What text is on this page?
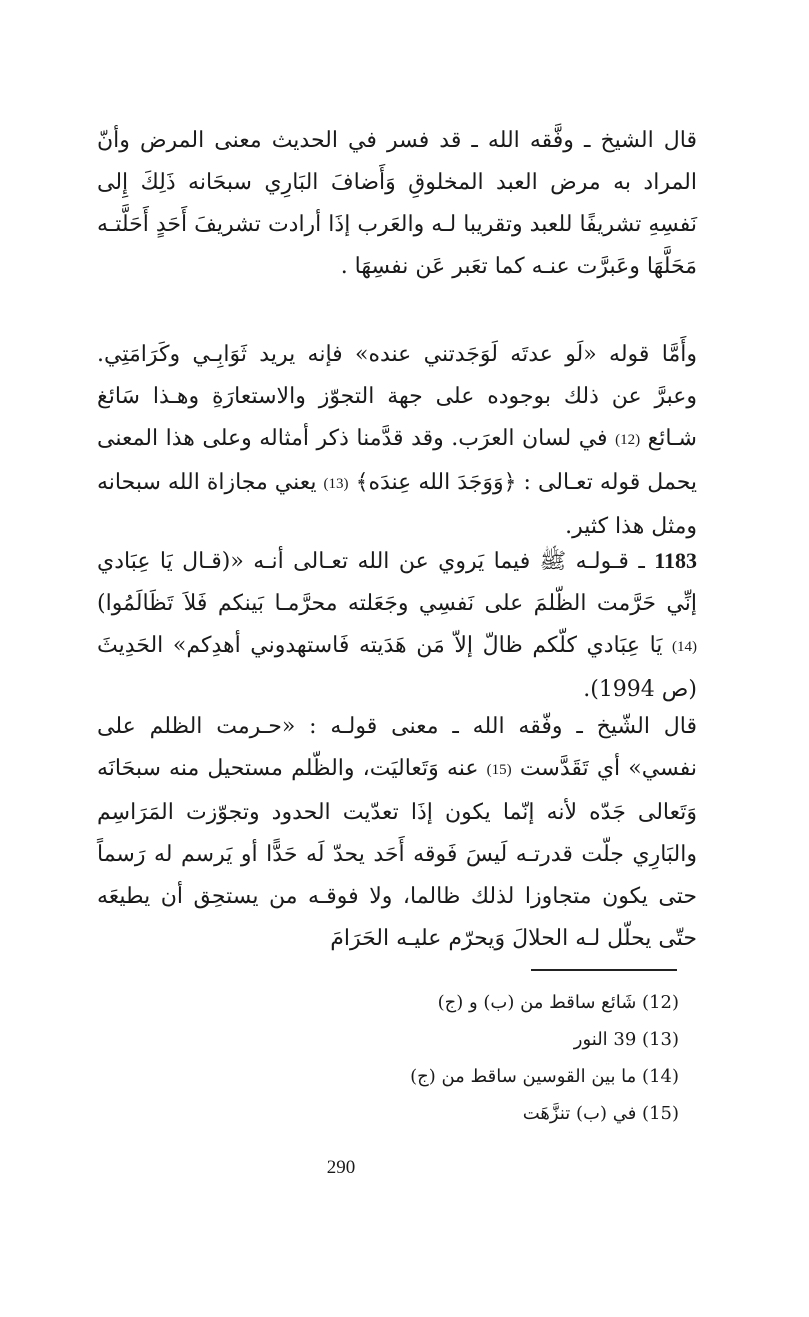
قال الشيخ ـ وفَّقه الله ـ قد فسر في الحديث معنى المرض وأنّ المراد به مرض العبد المخلوقِ وَأَضافَ البَارِي سبحَانه ذَلِكَ إِلى نَفسِهِ تشريفًا للعبد وتقريبا لـه والعَرب إذَا أرادت تشريفَ أَحَدٍ أَحَلَّتـه مَحَلَّهَا وعَبرَّت عنـه كما تعَبر عَن نفسِهَا .

وأَمَّا قوله «لَو عدتَه لَوَجَدتني عنده» فإنه يريد ثَوَابِـي وكَرَامَتِي. وعبرَّ عن ذلك بوجوده على جهة التجوّز والاستعارَةِ وهـذا سَائغ شـائع (12) في لسان العرَب. وقد قدَّمنا ذكر أمثاله وعلى هذا المعنى يحمل قوله تعـالى : ﴿وَوَجَدَ الله عِندَه﴾ (13) يعني مجازاة الله سبحانه ومثل هذا كثير.

1183 ـ قـولـه ﷺ فيما يَروي عن الله تعـالى أنـه «(قـال يَا عِبَادي إنِّي حَرَّمت الظّلمَ على نَفسِي وجَعَلته محرَّمـا بَينكم فَلاَ تَظَالَمُوا) (14) يَا عِبَادي كلّكم ظالّ إلاّ مَن هَدَيته فَاستهدوني أهدِكم» الحَدِيثَ (ص 1994).

قال الشّيخ ـ وفّقه الله ـ معنى قولـه : «حـرمت الظلم على نفسي» أي تَقَدَّست (15) عنه وَتَعاليَت، والظّلم مستحيل منه سبحَانَه وَتَعالى جَدّه لأنه إنّما يكون إذَا تعدّيت الحدود وتجوّزت المَرَاسِم والبَارِي جلّت قدرتـه لَيسَ فَوقه أَحَد يحدّ لَه حَدًّا أو يَرسم له رَسماً حتى يكون متجاوزا لذلك ظالما، ولا فوقـه من يستحِق أن يطيعَه حتّى يحلّل لـه الحلالَ وَيحرّم عليـه الحَرَامَ

(12) شَائع ساقط من (ب) و (ج)
(13) 39 النور
(14) ما بين القوسين ساقط من (ج)
(15) في (ب) تنزَّهَت
290
